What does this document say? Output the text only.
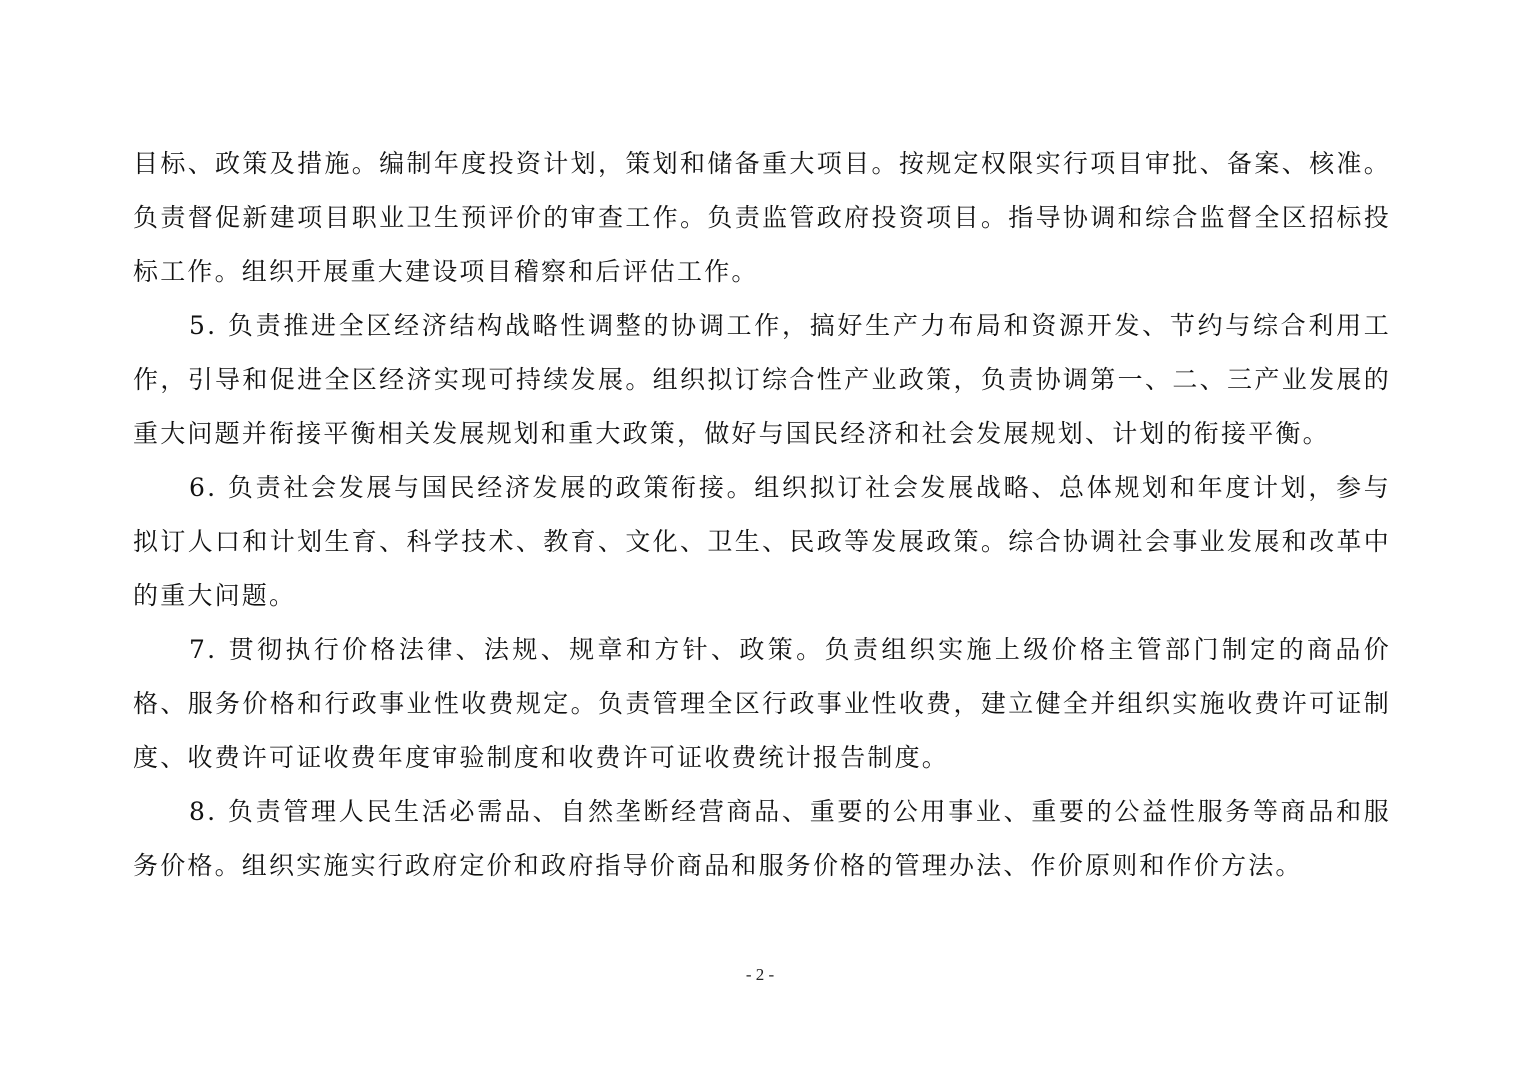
目标、政策及措施。编制年度投资计划，策划和储备重大项目。按规定权限实行项目审批、备案、核准。负责督促新建项目职业卫生预评价的审查工作。负责监管政府投资项目。指导协调和综合监督全区招标投标工作。组织开展重大建设项目稽察和后评估工作。

5. 负责推进全区经济结构战略性调整的协调工作，搞好生产力布局和资源开发、节约与综合利用工作，引导和促进全区经济实现可持续发展。组织拟订综合性产业政策，负责协调第一、二、三产业发展的重大问题并衔接平衡相关发展规划和重大政策，做好与国民经济和社会发展规划、计划的衔接平衡。

6. 负责社会发展与国民经济发展的政策衔接。组织拟订社会发展战略、总体规划和年度计划，参与拟订人口和计划生育、科学技术、教育、文化、卫生、民政等发展政策。综合协调社会事业发展和改革中的重大问题。

7. 贯彻执行价格法律、法规、规章和方针、政策。负责组织实施上级价格主管部门制定的商品价格、服务价格和行政事业性收费规定。负责管理全区行政事业性收费，建立健全并组织实施收费许可证制度、收费许可证收费年度审验制度和收费许可证收费统计报告制度。

8. 负责管理人民生活必需品、自然垄断经营商品、重要的公用事业、重要的公益性服务等商品和服务价格。组织实施实行政府定价和政府指导价商品和服务价格的管理办法、作价原则和作价方法。

- 2 -
